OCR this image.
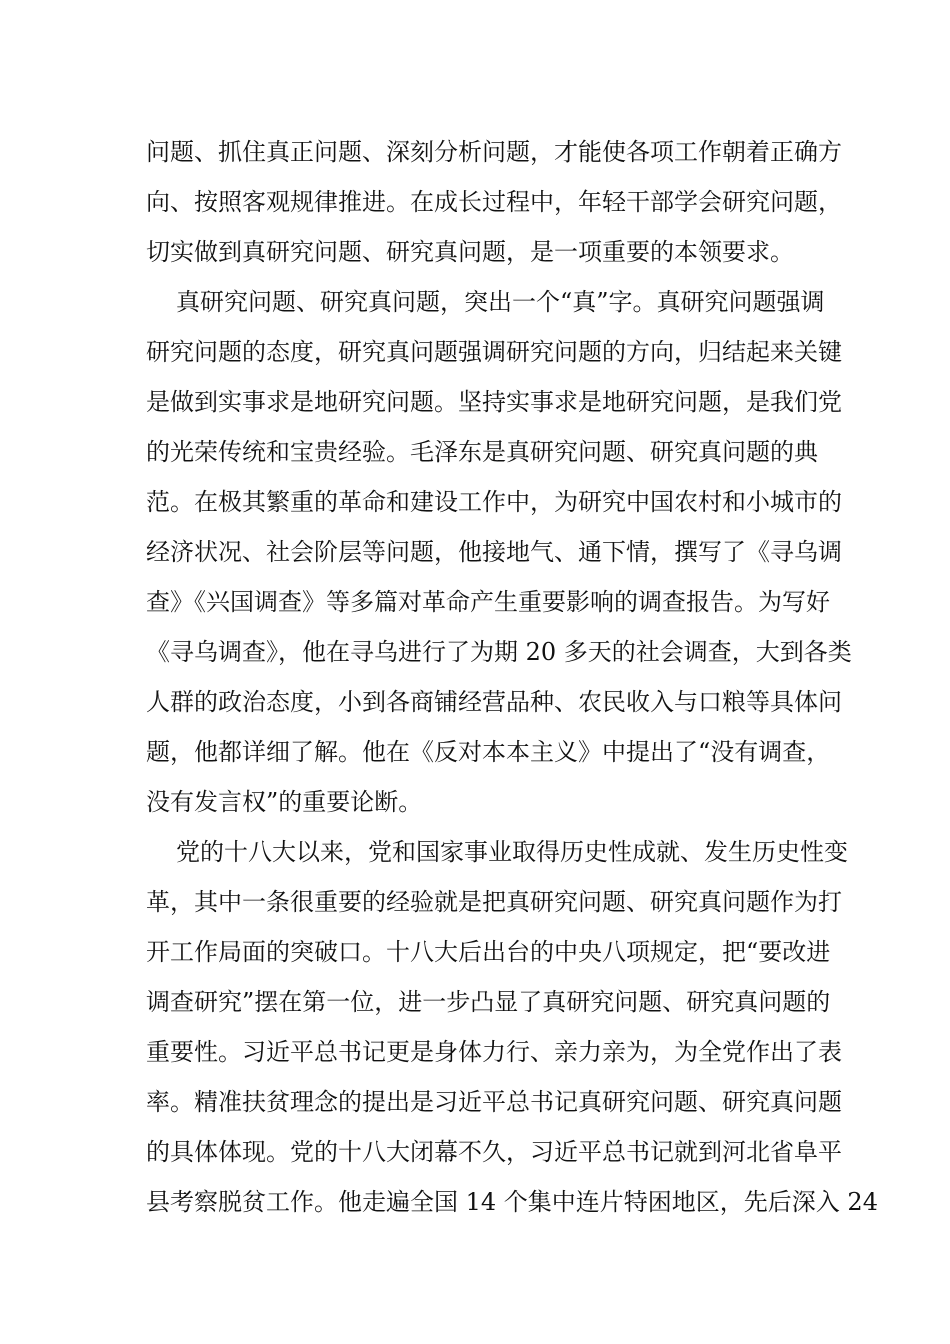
问题、抓住真正问题、深刻分析问题，才能使各项工作朝着正确方
向、按照客观规律推进。在成长过程中，年轻干部学会研究问题，
切实做到真研究问题、研究真问题，是一项重要的本领要求。
真研究问题、研究真问题，突出一个“真”字。真研究问题强调
研究问题的态度，研究真问题强调研究问题的方向，归结起来关键
是做到实事求是地研究问题。坚持实事求是地研究问题，是我们党
的光荣传统和宝贵经验。毛泽东是真研究问题、研究真问题的典
范。在极其繁重的革命和建设工作中，为研究中国农村和小城市的
经济状况、社会阶层等问题，他接地气、通下情，撰写了《寻乌调
查》《兴国调查》等多篇对革命产生重要影响的调查报告。为写好
《寻乌调查》，他在寻乌进行了为期 20 多天的社会调查，大到各类
人群的政治态度，小到各商铺经营品种、农民收入与口粮等具体问
题，他都详细了解。他在《反对本本主义》中提出了“没有调查，
没有发言权”的重要论断。
党的十八大以来，党和国家事业取得历史性成就、发生历史性变
革，其中一条很重要的经验就是把真研究问题、研究真问题作为打
开工作局面的突破口。十八大后出台的中央八项规定，把“要改进
调查研究”摆在第一位，进一步凸显了真研究问题、研究真问题的
重要性。习近平总书记更是身体力行、亲力亲为，为全党作出了表
率。精准扶贫理念的提出是习近平总书记真研究问题、研究真问题
的具体体现。党的十八大闭幕不久，习近平总书记就到河北省阜平
县考察脱贫工作。他走遍全国 14 个集中连片特困地区，先后深入 24
